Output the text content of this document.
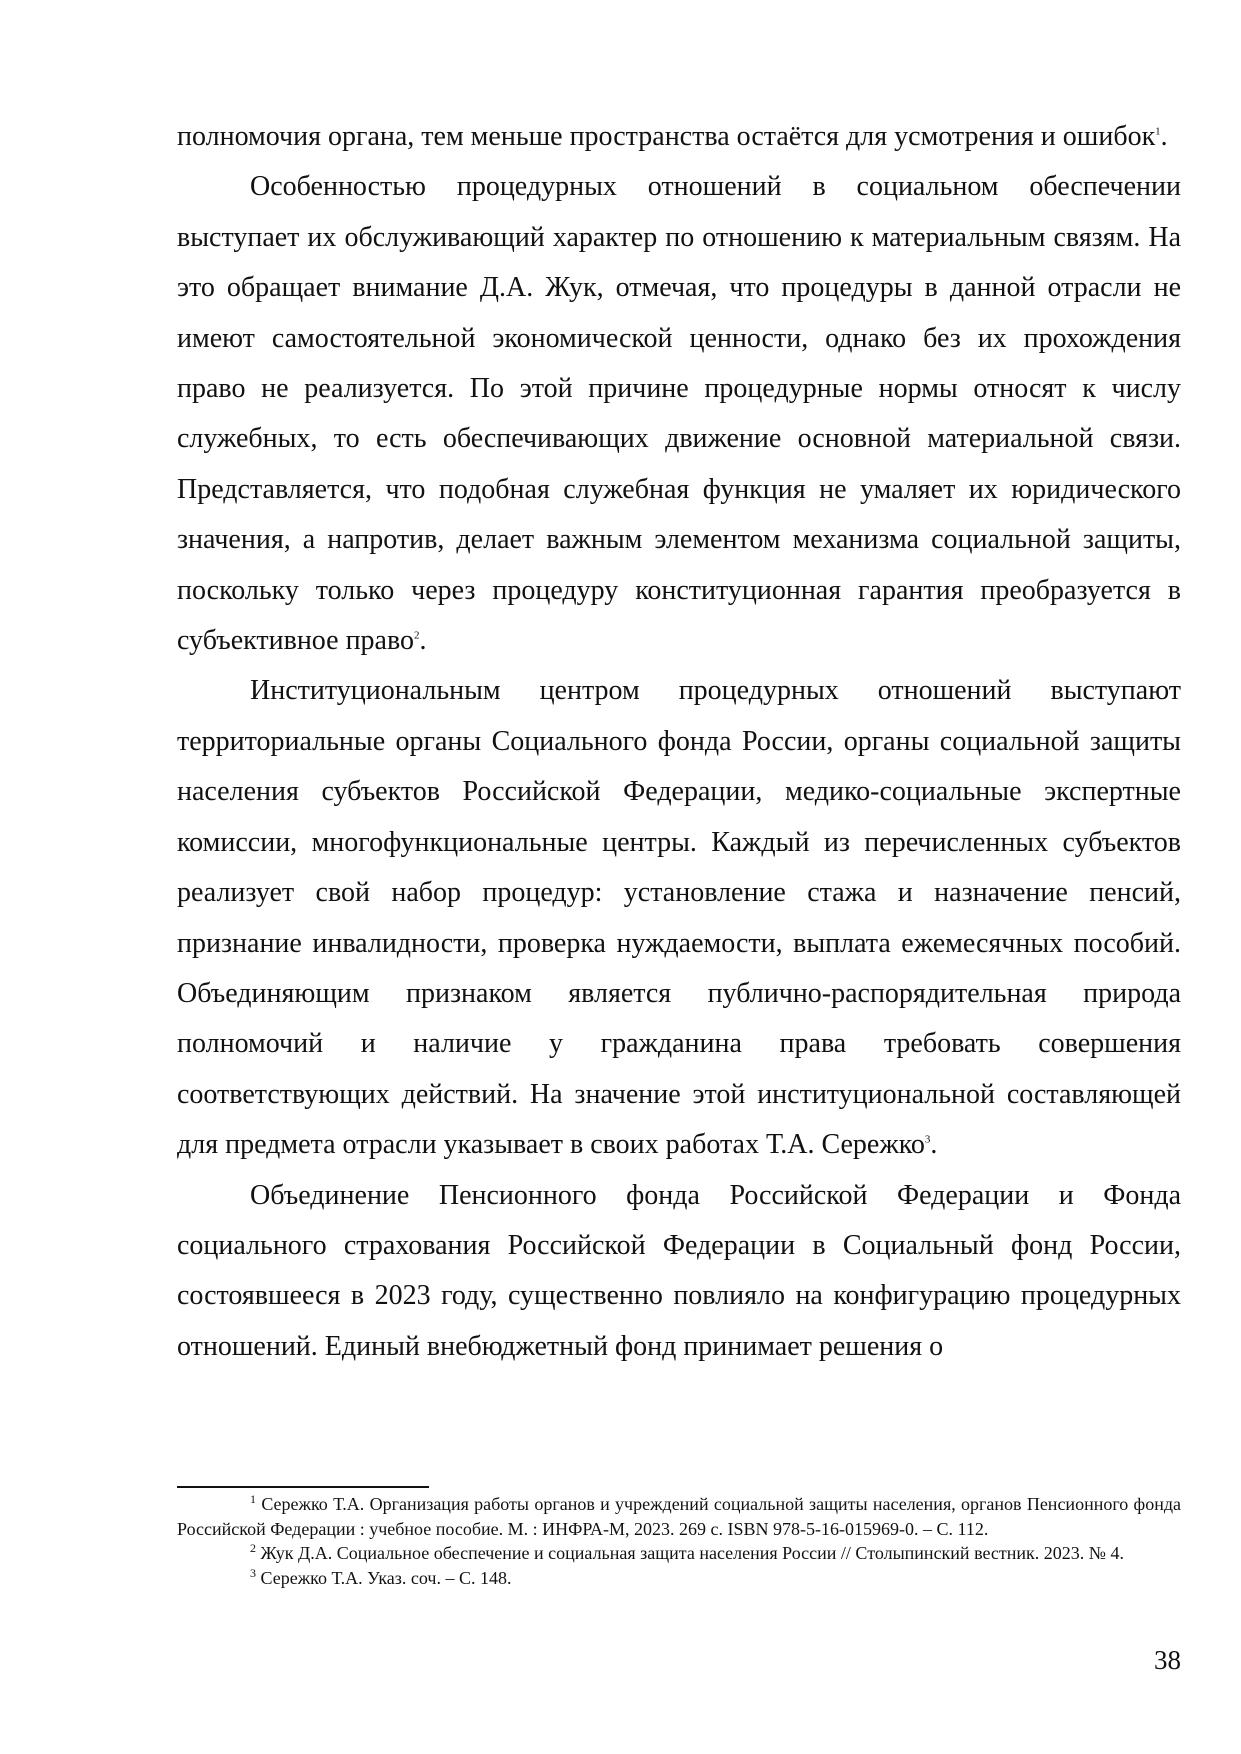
полномочия органа, тем меньше пространства остаётся для усмотрения и ошибок$^1$.

Особенностью процедурных отношений в социальном обеспечении выступает их обслуживающий характер по отношению к материальным связям. На это обращает внимание Д.А. Жук, отмечая, что процедуры в данной отрасли не имеют самостоятельной экономической ценности, однако без их прохождения право не реализуется. По этой причине процедурные нормы относят к числу служебных, то есть обеспечивающих движение основной материальной связи. Представляется, что подобная служебная функция не умаляет их юридического значения, а напротив, делает важным элементом механизма социальной защиты, поскольку только через процедуру конституционная гарантия преобразуется в субъективное право$^2$.

Институциональным центром процедурных отношений выступают территориальные органы Социального фонда России, органы социальной защиты населения субъектов Российской Федерации, медико-социальные экспертные комиссии, многофункциональные центры. Каждый из перечисленных субъектов реализует свой набор процедур: установление стажа и назначение пенсий, признание инвалидности, проверка нуждаемости, выплата ежемесячных пособий. Объединяющим признаком является публично-распорядительная природа полномочий и наличие у гражданина права требовать совершения соответствующих действий. На значение этой институциональной составляющей для предмета отрасли указывает в своих работах Т.А. Сережко$^3$.

Объединение Пенсионного фонда Российской Федерации и Фонда социального страхования Российской Федерации в Социальный фонд России, состоявшееся в 2023 году, существенно повлияло на конфигурацию процедурных отношений. Единый внебюджетный фонд принимает решения о

$^1$ Сережко Т.А. Организация работы органов и учреждений социальной защиты населения, органов Пенсионного фонда Российской Федерации : учебное пособие. М. : ИНФРА-М, 2023. 269 с. ISBN 978-5-16-015969-0. – С. 112.

$^2$ Жук Д.А. Социальное обеспечение и социальная защита населения России // Столыпинский вестник. 2023. № 4.

$^3$ Сережко Т.А. Указ. соч. – С. 148.

38
